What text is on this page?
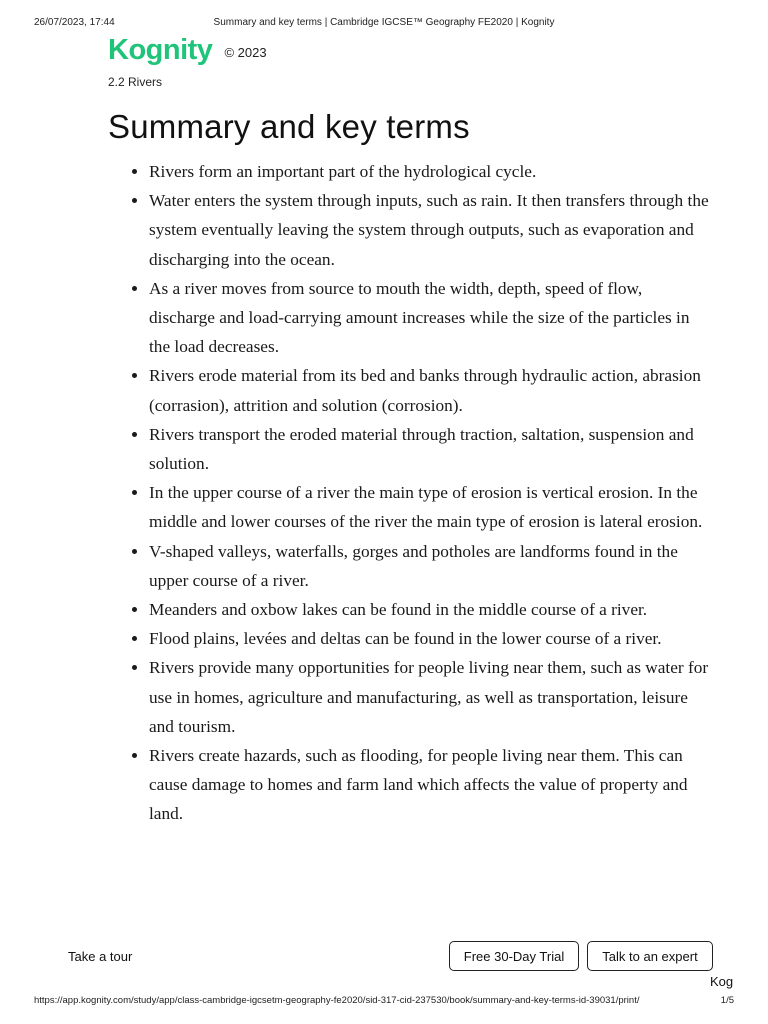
26/07/2023, 17:44	Summary and key terms | Cambridge IGCSE™ Geography FE2020 | Kognity
Kognity © 2023
2.2 Rivers
Summary and key terms
• Rivers form an important part of the hydrological cycle.
• Water enters the system through inputs, such as rain. It then transfers through the system eventually leaving the system through outputs, such as evaporation and discharging into the ocean.
• As a river moves from source to mouth the width, depth, speed of flow, discharge and load-carrying amount increases while the size of the particles in the load decreases.
• Rivers erode material from its bed and banks through hydraulic action, abrasion (corrasion), attrition and solution (corrosion).
• Rivers transport the eroded material through traction, saltation, suspension and solution.
• In the upper course of a river the main type of erosion is vertical erosion. In the middle and lower courses of the river the main type of erosion is lateral erosion.
• V-shaped valleys, waterfalls, gorges and potholes are landforms found in the upper course of a river.
• Meanders and oxbow lakes can be found in the middle course of a river.
• Flood plains, levées and deltas can be found in the lower course of a river.
• Rivers provide many opportunities for people living near them, such as water for use in homes, agriculture and manufacturing, as well as transportation, leisure and tourism.
• Rivers create hazards, such as flooding, for people living near them. This can cause damage to homes and farm land which affects the value of property and land.
Take a tour	Free 30-Day Trial	Talk to an expert
Kog
https://app.kognity.com/study/app/class-cambridge-igcsetm-geography-fe2020/sid-317-cid-237530/book/summary-and-key-terms-id-39031/print/	1/5
